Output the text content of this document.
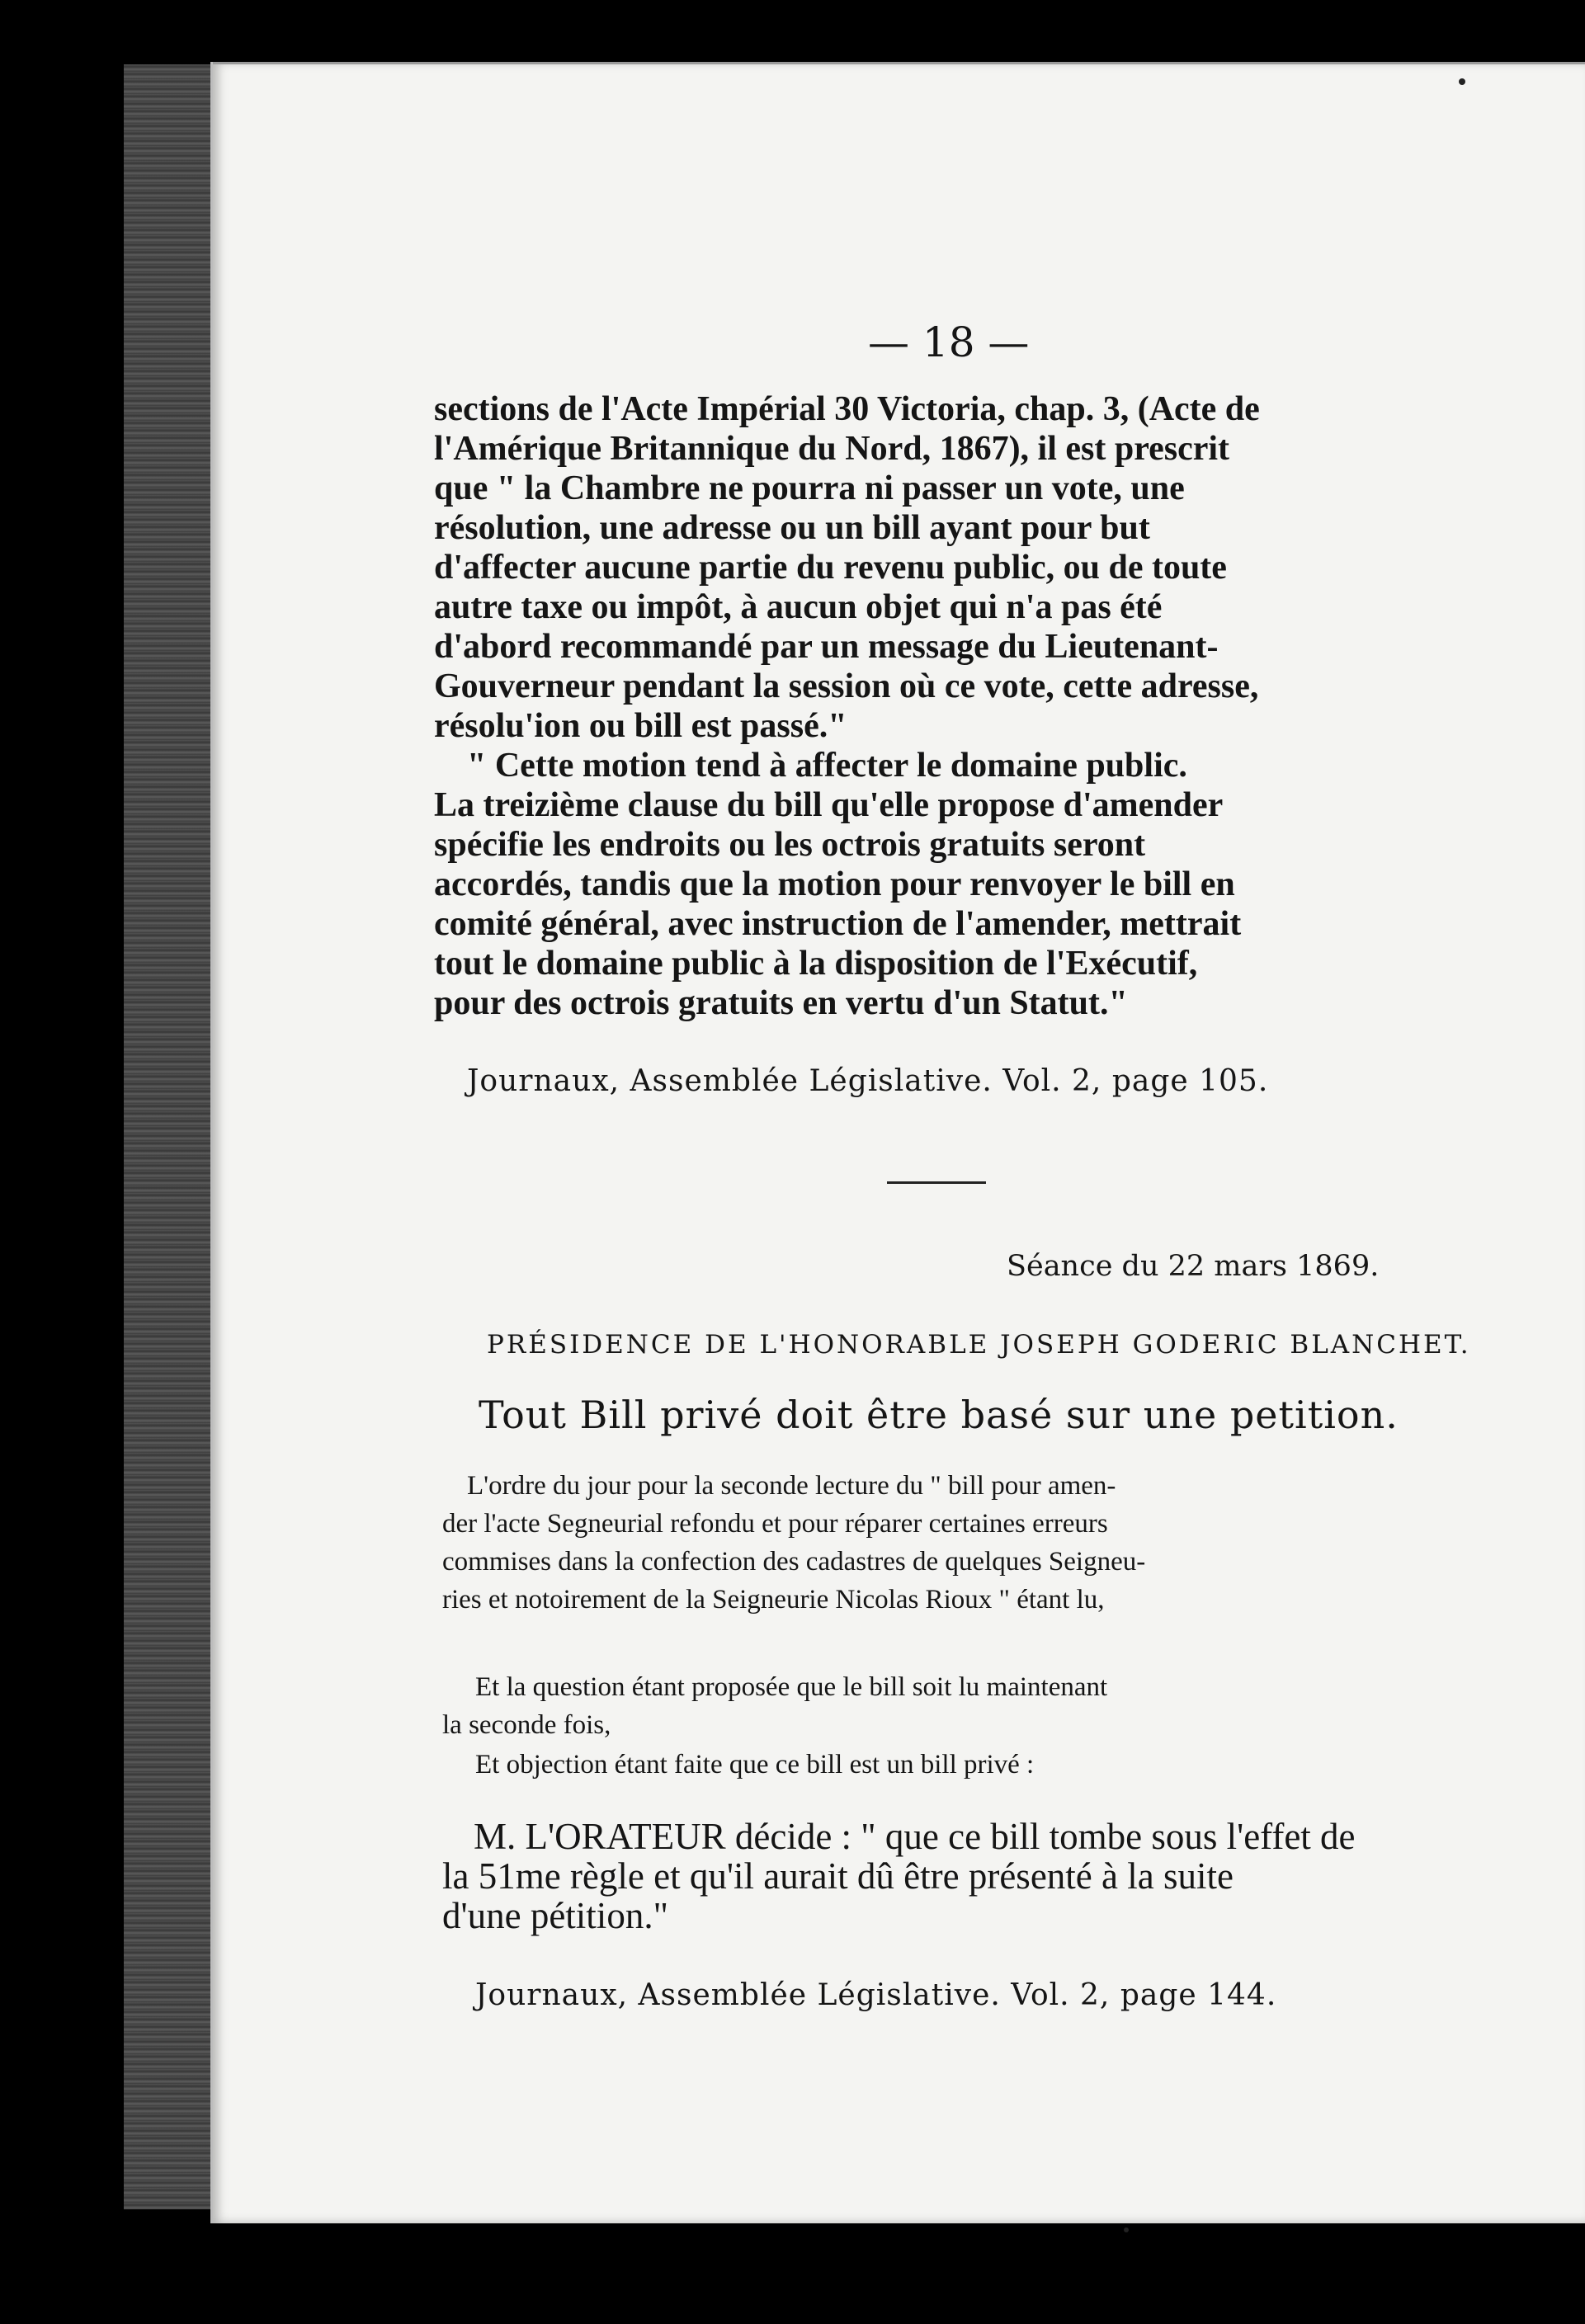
— 18 —
sections de l'Acte Impérial 30 Victoria, chap. 3, (Acte de
l'Amérique Britannique du Nord, 1867), il est prescrit
que " la Chambre ne pourra ni passer un vote, une
résolution, une adresse ou un bill ayant pour but
d'affecter aucune partie du revenu public, ou de toute
autre taxe ou impôt, à aucun objet qui n'a pas été
d'abord recommandé par un message du Lieutenant-
Gouverneur pendant la session où ce vote, cette adresse,
résolu'ion ou bill est passé."
" Cette motion tend à affecter le domaine public.
La treizième clause du bill qu'elle propose d'amender
spécifie les endroits ou les octrois gratuits seront
accordés, tandis que la motion pour renvoyer le bill en
comité général, avec instruction de l'amender, mettrait
tout le domaine public à la disposition de l'Exécutif,
pour des octrois gratuits en vertu d'un Statut."
Journaux, Assemblée Législative. Vol. 2, page 105.
Séance du 22 mars 1869.
PRÉSIDENCE DE L'HONORABLE JOSEPH GODERIC BLANCHET.
Tout Bill privé doit être basé sur une petition.
L'ordre du jour pour la seconde lecture du " bill pour amen-
der l'acte Segneurial refondu et pour réparer certaines erreurs
commises dans la confection des cadastres de quelques Seigneu-
ries et notoirement de la Seigneurie Nicolas Rioux " étant lu,
Et la question étant proposée que le bill soit lu maintenant
la seconde fois,
Et objection étant faite que ce bill est un bill privé :
M. L'ORATEUR décide : " que ce bill tombe sous l'effet de
la 51me règle et qu'il aurait dû être présenté à la suite
d'une pétition."
Journaux, Assemblée Législative. Vol. 2, page 144.
